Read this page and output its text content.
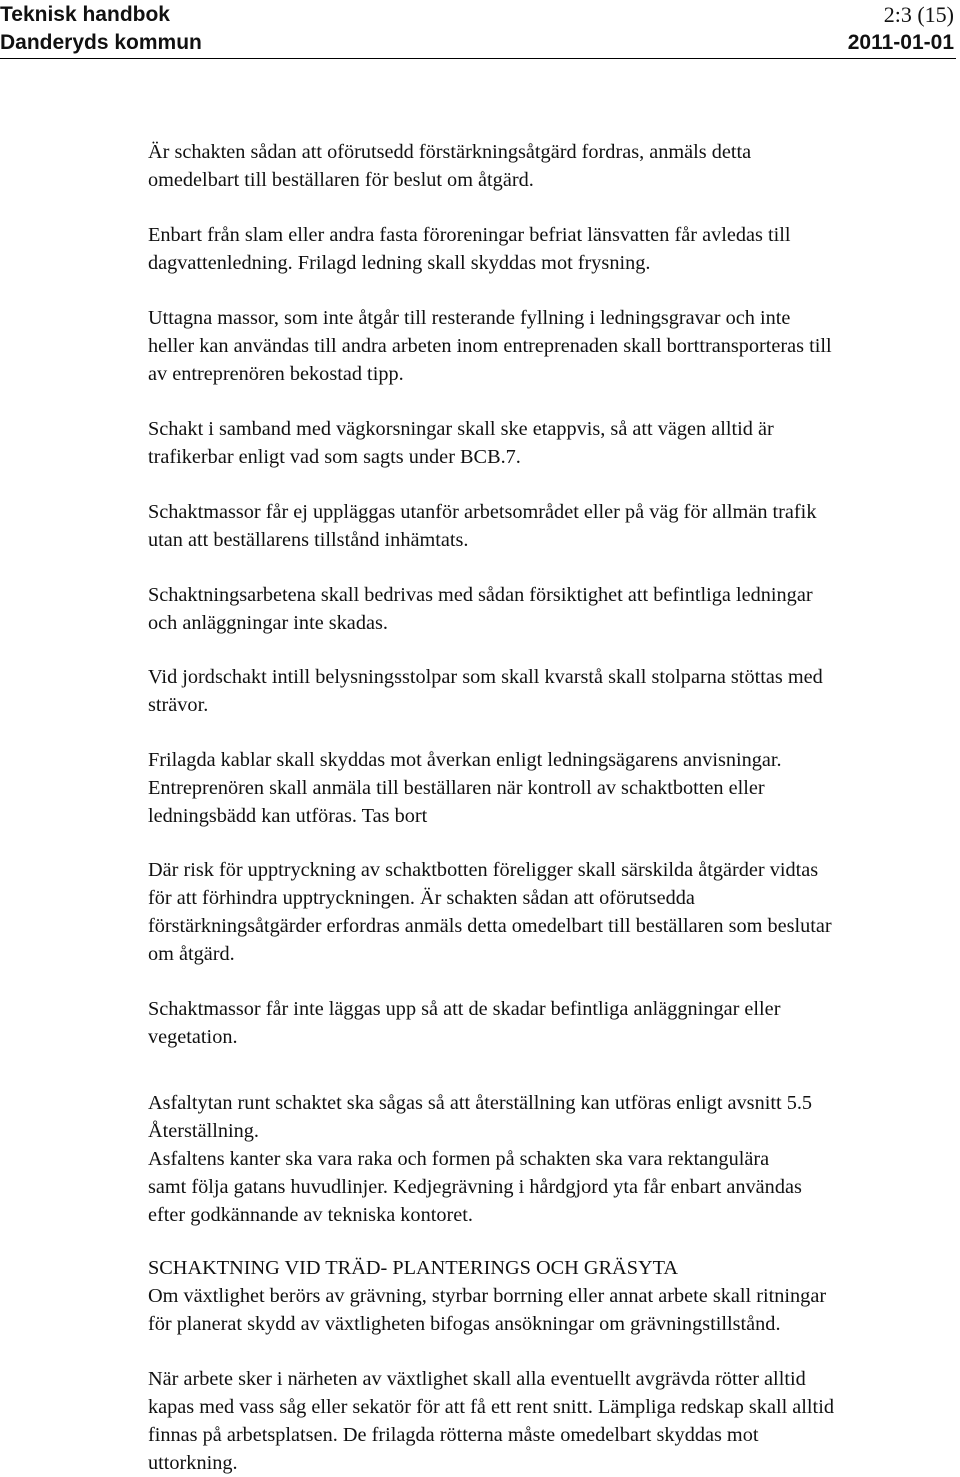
Teknisk handbok	2:3 (15)
Danderyds kommun	2011-01-01

Är schakten sådan att oförutsedd förstärkningsåtgärd fordras, anmäls detta
omedelbart till beställaren för beslut om åtgärd.

Enbart från slam eller andra fasta föroreningar befriat länsvatten får avledas till
dagvattenledning. Frilagd ledning skall skyddas mot frysning.

Uttagna massor, som inte åtgår till resterande fyllning i ledningsgravar och inte
heller kan användas till andra arbeten inom entreprenaden skall borttransporteras till
av entreprenören bekostad tipp.

Schakt i samband med vägkorsningar skall ske etappvis, så att vägen alltid är
trafikerbar enligt vad som sagts under BCB.7.

Schaktmassor får ej uppläggas utanför arbetsområdet eller på väg för allmän trafik
utan att beställarens tillstånd inhämtats.

Schaktningsarbetena skall bedrivas med sådan försiktighet att befintliga ledningar
och anläggningar inte skadas.

Vid jordschakt intill belysningsstolpar som skall kvarstå skall stolparna stöttas med
strävor.

Frilagda kablar skall skyddas mot åverkan enligt ledningsägarens anvisningar.
Entreprenören skall anmäla till beställaren när kontroll av schaktbotten eller
ledningsbädd kan utföras. Tas bort

Där risk för upptryckning av schaktbotten föreligger skall särskilda åtgärder vidtas
för att förhindra upptryckningen. Är schakten sådan att oförutsedda
förstärkningsåtgärder erfordras anmäls detta omedelbart till beställaren som beslutar
om åtgärd.

Schaktmassor får inte läggas upp så att de skadar befintliga anläggningar eller
vegetation.

Asfaltytan runt schaktet ska sågas så att återställning kan utföras enligt avsnitt 5.5
Återställning.
Asfaltens kanter ska vara raka och formen på schakten ska vara rektangulära
samt följa gatans huvudlinjer. Kedjegrävning i hårdgjord yta får enbart användas
efter godkännande av tekniska kontoret.

SCHAKTNING VID TRÄD- PLANTERINGS OCH GRÄSYTA
Om växtlighet berörs av grävning, styrbar borrning eller annat arbete skall ritningar
för planerat skydd av växtligheten bifogas ansökningar om grävningstillstånd.

När arbete sker i närheten av växtlighet skall alla eventuellt avgrävda rötter alltid
kapas med vass såg eller sekatör för att få ett rent snitt. Lämpliga redskap skall alltid
finnas på arbetsplatsen. De frilagda rötterna måste omedelbart skyddas mot
uttorkning.
